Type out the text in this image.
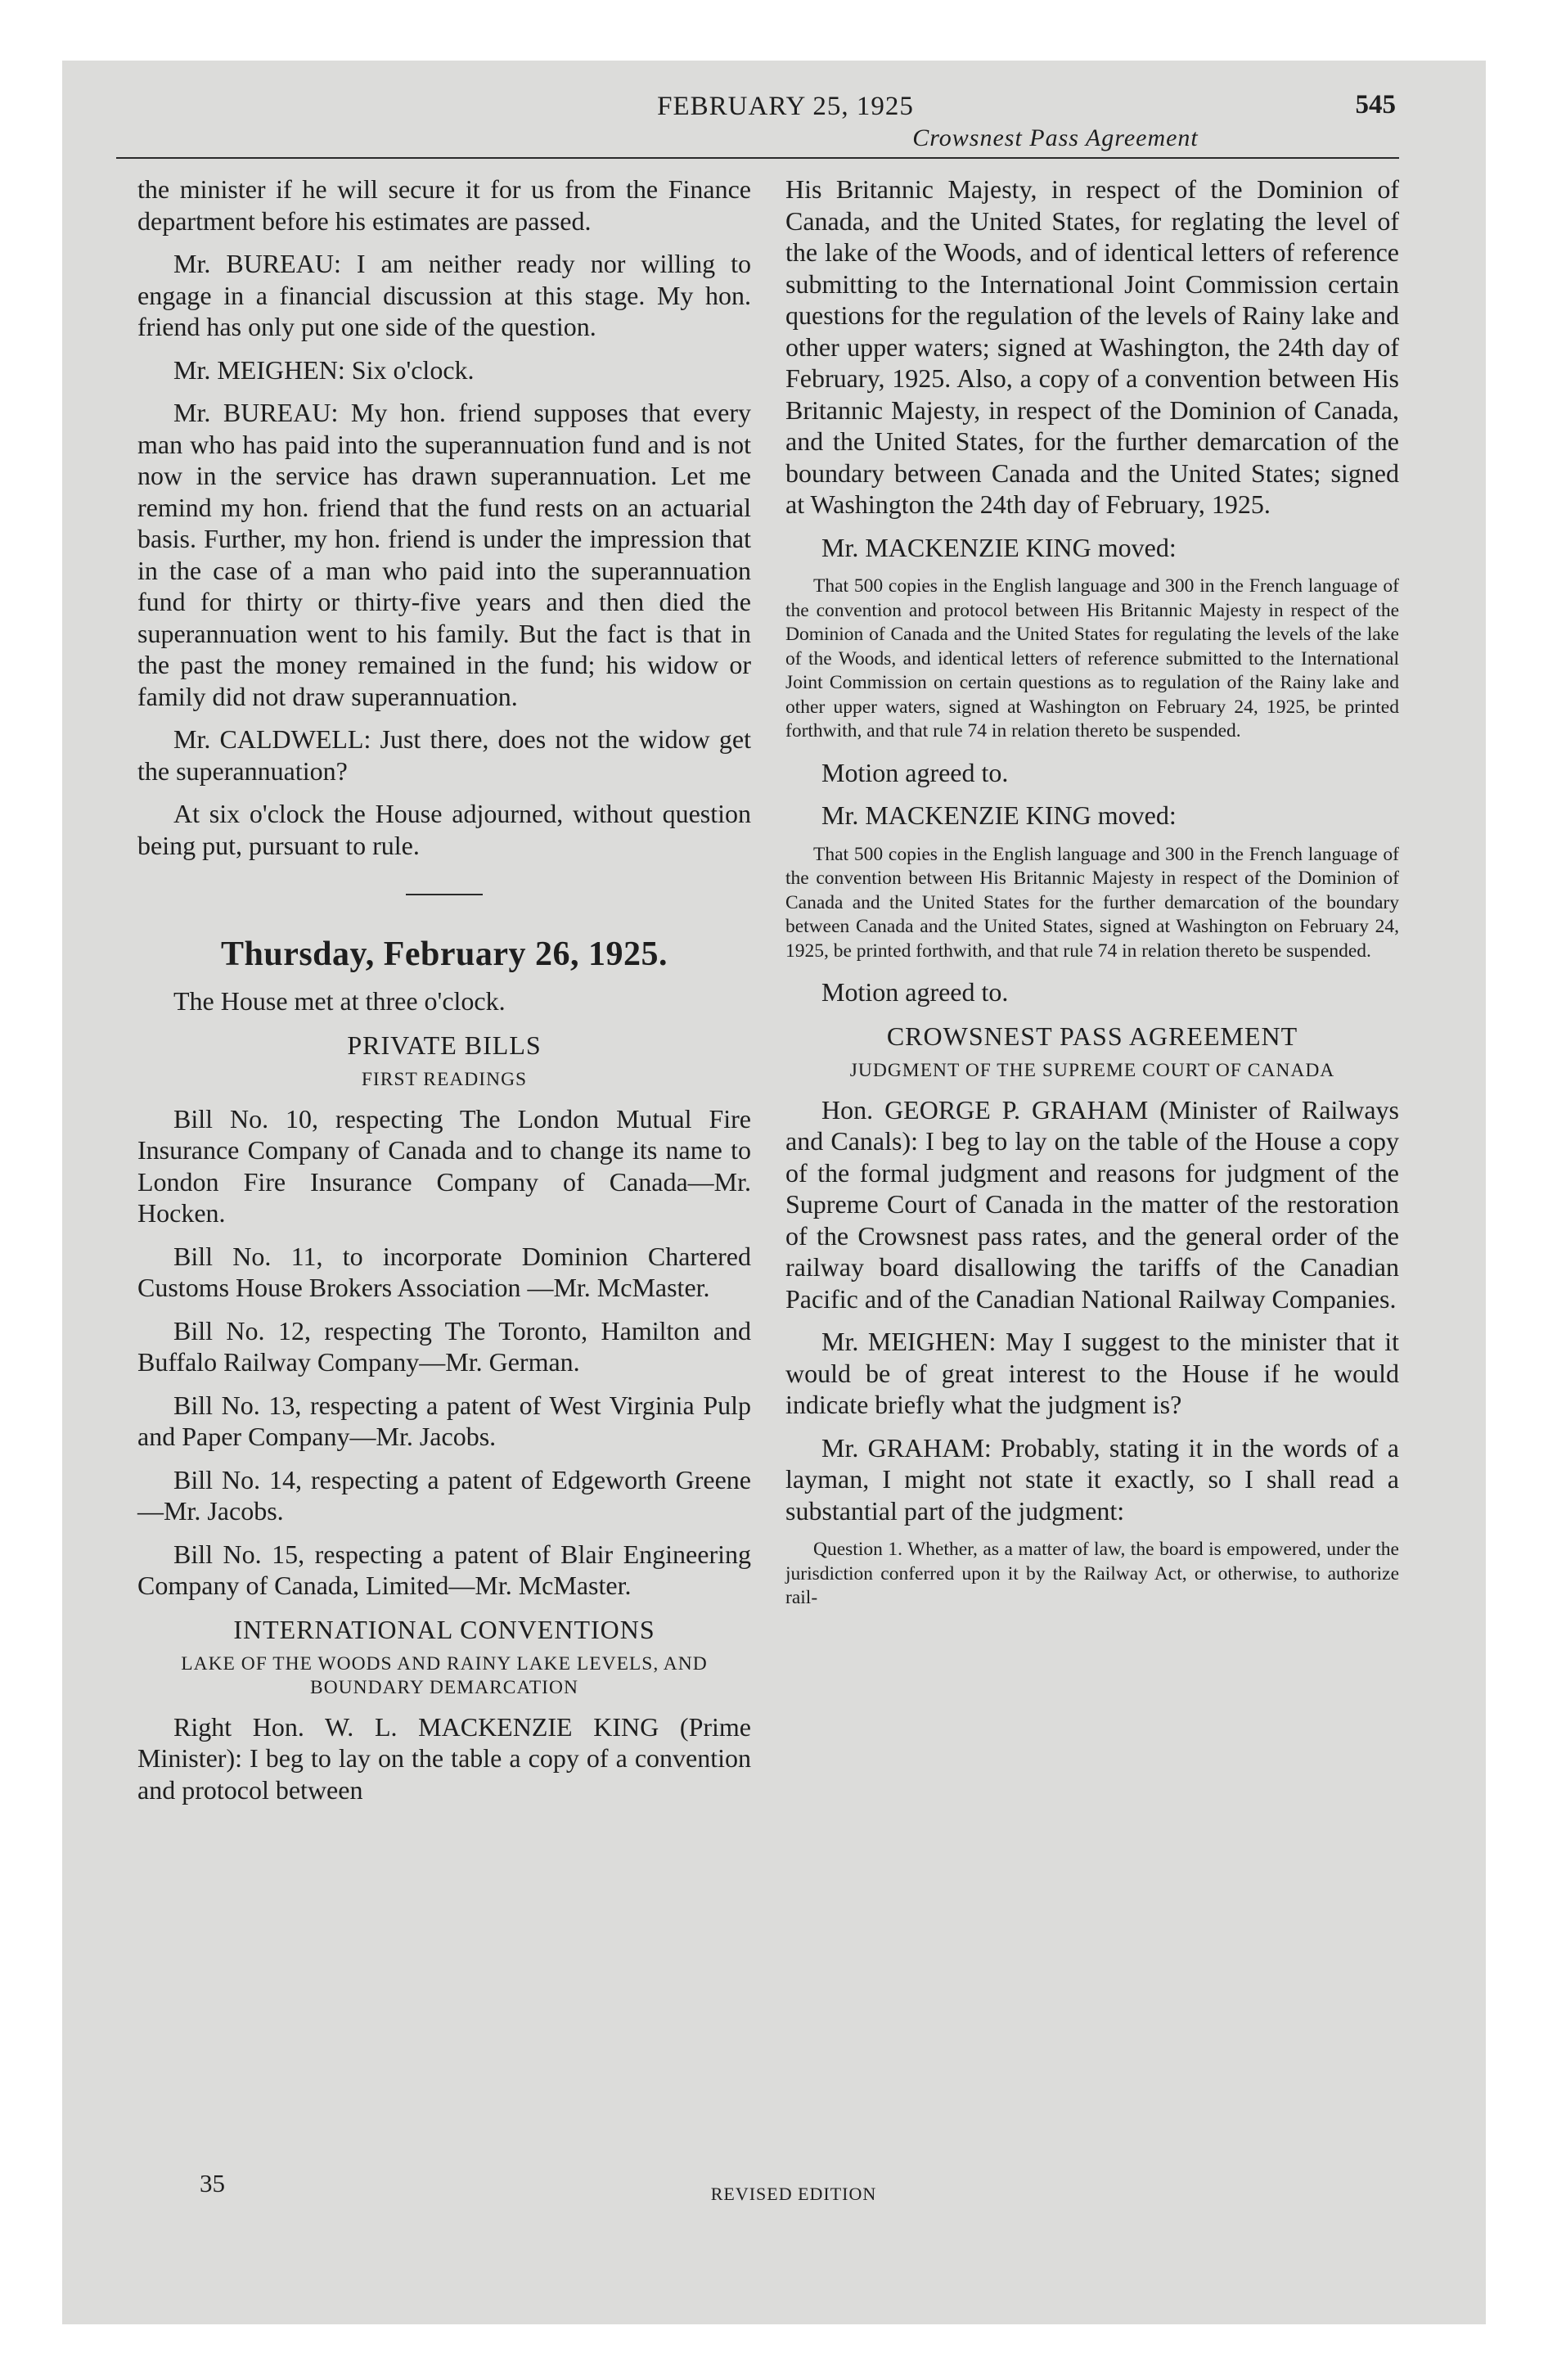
FEBRUARY 25, 1925	545
Crowsnest Pass Agreement

the minister if he will secure it for us from the Finance department before his estimates are passed.

Mr. BUREAU: I am neither ready nor willing to engage in a financial discussion at this stage. My hon. friend has only put one side of the question.

Mr. MEIGHEN: Six o'clock.

Mr. BUREAU: My hon. friend supposes that every man who has paid into the superannuation fund and is not now in the service has drawn superannuation. Let me remind my hon. friend that the fund rests on an actuarial basis. Further, my hon. friend is under the impression that in the case of a man who paid into the superannuation fund for thirty or thirty-five years and then died the superannuation went to his family. But the fact is that in the past the money remained in the fund; his widow or family did not draw superannuation.

Mr. CALDWELL: Just there, does not the widow get the superannuation?

At six o'clock the House adjourned, without question being put, pursuant to rule.

Thursday, February 26, 1925.

The House met at three o'clock.

PRIVATE BILLS
FIRST READINGS

Bill No. 10, respecting The London Mutual Fire Insurance Company of Canada and to change its name to London Fire Insurance Company of Canada—Mr. Hocken.

Bill No. 11, to incorporate Dominion Chartered Customs House Brokers Association —Mr. McMaster.

Bill No. 12, respecting The Toronto, Hamilton and Buffalo Railway Company—Mr. German.

Bill No. 13, respecting a patent of West Virginia Pulp and Paper Company—Mr. Jacobs.

Bill No. 14, respecting a patent of Edgeworth Greene—Mr. Jacobs.

Bill No. 15, respecting a patent of Blair Engineering Company of Canada, Limited—Mr. McMaster.

INTERNATIONAL CONVENTIONS
LAKE OF THE WOODS AND RAINY LAKE LEVELS, AND BOUNDARY DEMARCATION

Right Hon. W. L. MACKENZIE KING (Prime Minister): I beg to lay on the table a copy of a convention and protocol between

His Britannic Majesty, in respect of the Dominion of Canada, and the United States, for reglating the level of the lake of the Woods, and of identical letters of reference submitting to the International Joint Commission certain questions for the regulation of the levels of Rainy lake and other upper waters; signed at Washington, the 24th day of February, 1925. Also, a copy of a convention between His Britannic Majesty, in respect of the Dominion of Canada, and the United States, for the further demarcation of the boundary between Canada and the United States; signed at Washington the 24th day of February, 1925.

Mr. MACKENZIE KING moved:

That 500 copies in the English language and 300 in the French language of the convention and protocol between His Britannic Majesty in respect of the Dominion of Canada and the United States for regulating the levels of the lake of the Woods, and identical letters of reference submitted to the International Joint Commission on certain questions as to regulation of the Rainy lake and other upper waters, signed at Washington on February 24, 1925, be printed forthwith, and that rule 74 in relation thereto be suspended.

Motion agreed to.

Mr. MACKENZIE KING moved:

That 500 copies in the English language and 300 in the French language of the convention between His Britannic Majesty in respect of the Dominion of Canada and the United States for the further demarcation of the boundary between Canada and the United States, signed at Washington on February 24, 1925, be printed forthwith, and that rule 74 in relation thereto be suspended.

Motion agreed to.

CROWSNEST PASS AGREEMENT
JUDGMENT OF THE SUPREME COURT OF CANADA

Hon. GEORGE P. GRAHAM (Minister of Railways and Canals): I beg to lay on the table of the House a copy of the formal judgment and reasons for judgment of the Supreme Court of Canada in the matter of the restoration of the Crowsnest pass rates, and the general order of the railway board disallowing the tariffs of the Canadian Pacific and of the Canadian National Railway Companies.

Mr. MEIGHEN: May I suggest to the minister that it would be of great interest to the House if he would indicate briefly what the judgment is?

Mr. GRAHAM: Probably, stating it in the words of a layman, I might not state it exactly, so I shall read a substantial part of the judgment:

Question 1. Whether, as a matter of law, the board is empowered, under the jurisdiction conferred upon it by the Railway Act, or otherwise, to authorize rail-

35	REVISED EDITION
